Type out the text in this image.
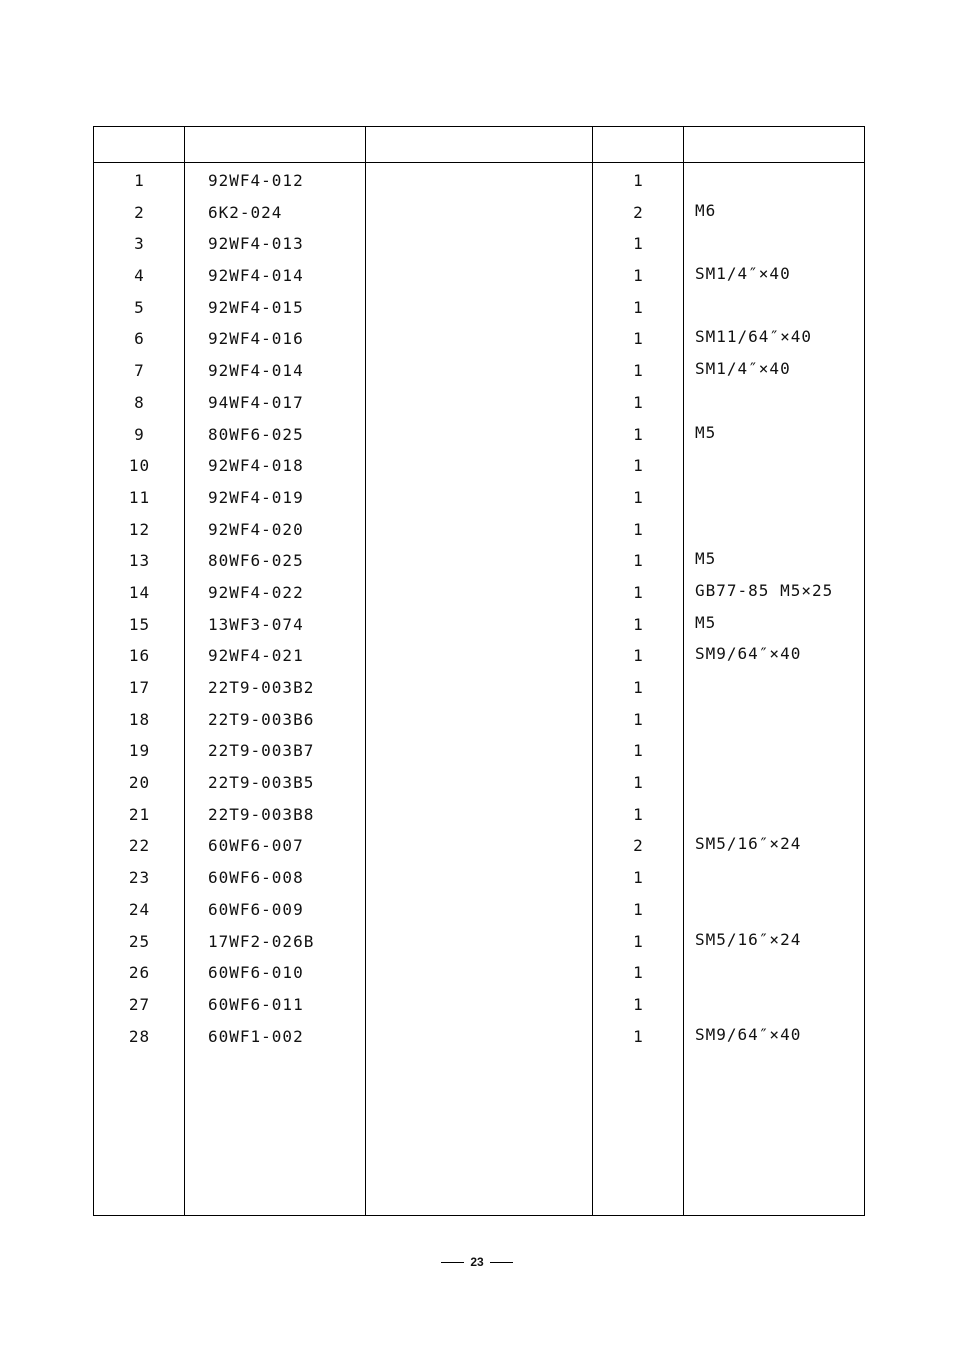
1	92WF4-012	1
2	6K2-024	2	M6
3	92WF4-013	1
4	92WF4-014	1	SM1/4″×40
5	92WF4-015	1
6	92WF4-016	1	SM11/64″×40
7	92WF4-014	1	SM1/4″×40
8	94WF4-017	1
9	80WF6-025	1	M5
10	92WF4-018	1
11	92WF4-019	1
12	92WF4-020	1
13	80WF6-025	1	M5
14	92WF4-022	1	GB77-85 M5×25
15	13WF3-074	1	M5
16	92WF4-021	1	SM9/64″×40
17	22T9-003B2	1
18	22T9-003B6	1
19	22T9-003B7	1
20	22T9-003B5	1
21	22T9-003B8	1
22	60WF6-007	2	SM5/16″×24
23	60WF6-008	1
24	60WF6-009	1
25	17WF2-026B	1	SM5/16″×24
26	60WF6-010	1
27	60WF6-011	1
28	60WF1-002	1	SM9/64″×40
23
